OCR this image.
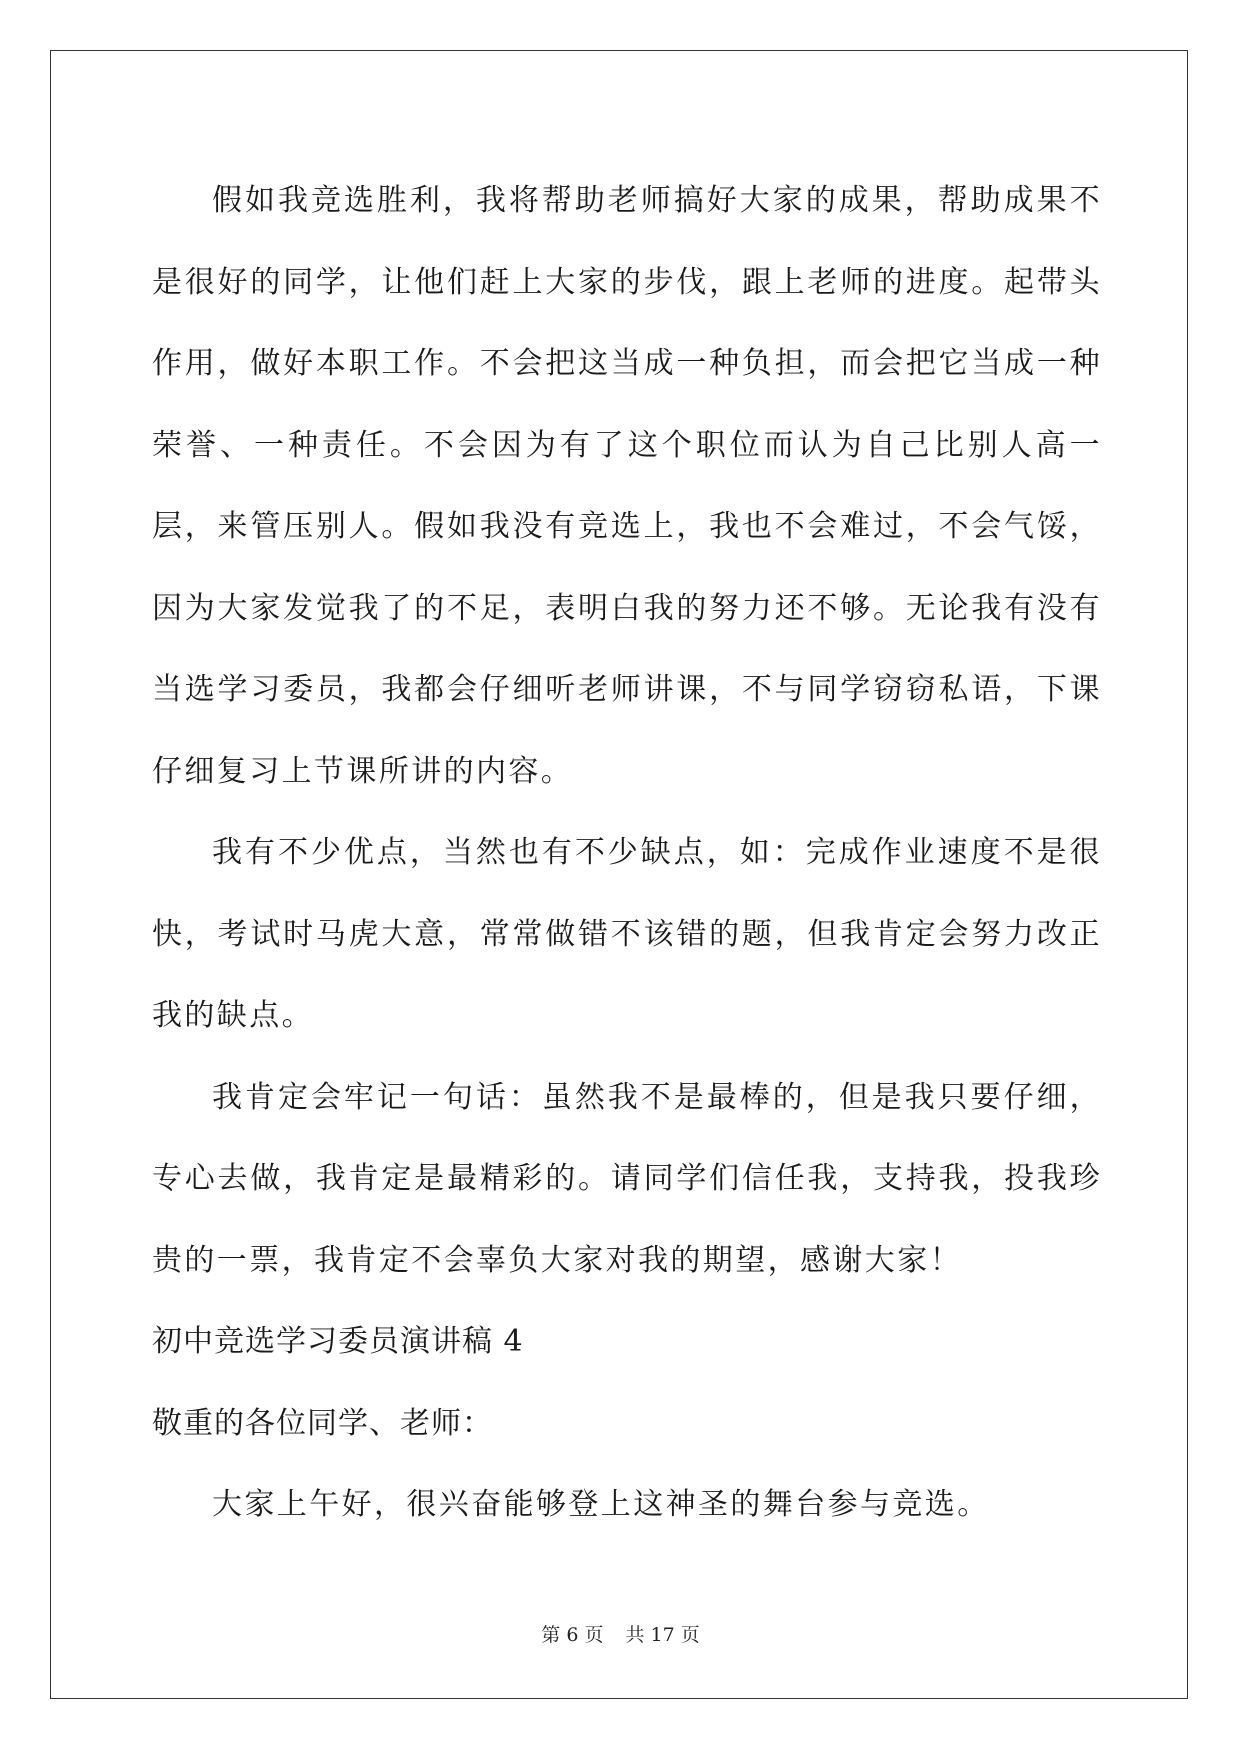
假如我竞选胜利，我将帮助老师搞好大家的成果，帮助成果不是很好的同学，让他们赶上大家的步伐，跟上老师的进度。起带头作用，做好本职工作。不会把这当成一种负担，而会把它当成一种荣誉、一种责任。不会因为有了这个职位而认为自己比别人高一层，来管压别人。假如我没有竞选上，我也不会难过，不会气馁，因为大家发觉我了的不足，表明白我的努力还不够。无论我有没有当选学习委员，我都会仔细听老师讲课，不与同学窃窃私语，下课仔细复习上节课所讲的内容。

我有不少优点，当然也有不少缺点，如：完成作业速度不是很快，考试时马虎大意，常常做错不该错的题，但我肯定会努力改正我的缺点。

我肯定会牢记一句话：虽然我不是最棒的，但是我只要仔细，专心去做，我肯定是最精彩的。请同学们信任我，支持我，投我珍贵的一票，我肯定不会辜负大家对我的期望，感谢大家！

初中竞选学习委员演讲稿 4

敬重的各位同学、老师：

大家上午好，很兴奋能够登上这神圣的舞台参与竞选。

第 6 页 共 17 页
